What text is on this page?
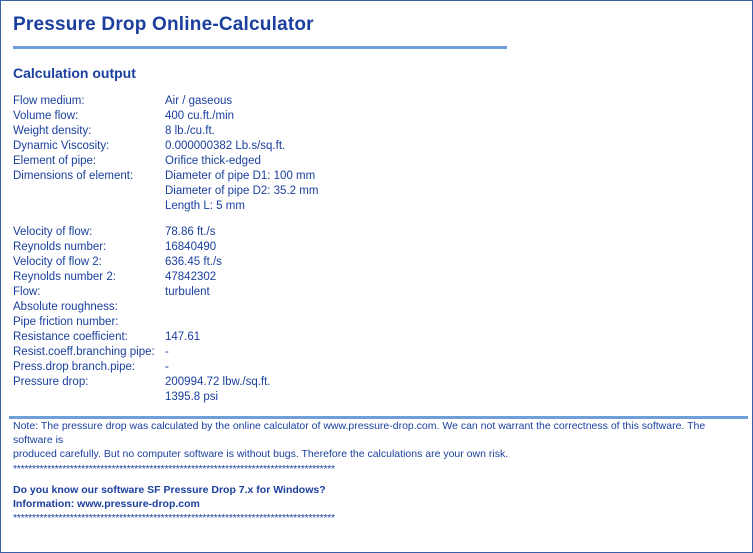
Pressure Drop Online-Calculator
Calculation output
Flow medium:	Air / gaseous
Volume flow:	400 cu.ft./min
Weight density:	8 lb./cu.ft.
Dynamic Viscosity:	0.000000382 Lb.s/sq.ft.
Element of pipe:	Orifice thick-edged
Dimensions of element:	Diameter of pipe D1: 100 mm
	Diameter of pipe D2: 35.2 mm
	Length L: 5 mm

Velocity of flow:	78.86 ft./s
Reynolds number:	16840490
Velocity of flow 2:	636.45 ft./s
Reynolds number 2:	47842302
Flow:	turbulent
Absolute roughness:	
Pipe friction number:	
Resistance coefficient:	147.61
Resist.coeff.branching pipe:	-
Press.drop branch.pipe:	-
Pressure drop:	200994.72 lbw./sq.ft.
	1395.8 psi
Note: The pressure drop was calculated by the online calculator of www.pressure-drop.com. We can not warrant the correctness of this software. The software is
produced carefully. But no computer software is without bugs. Therefore the calculations are your own risk.
*************************************************************************************
Do you know our software SF Pressure Drop 7.x for Windows?
Information: www.pressure-drop.com
*************************************************************************************
